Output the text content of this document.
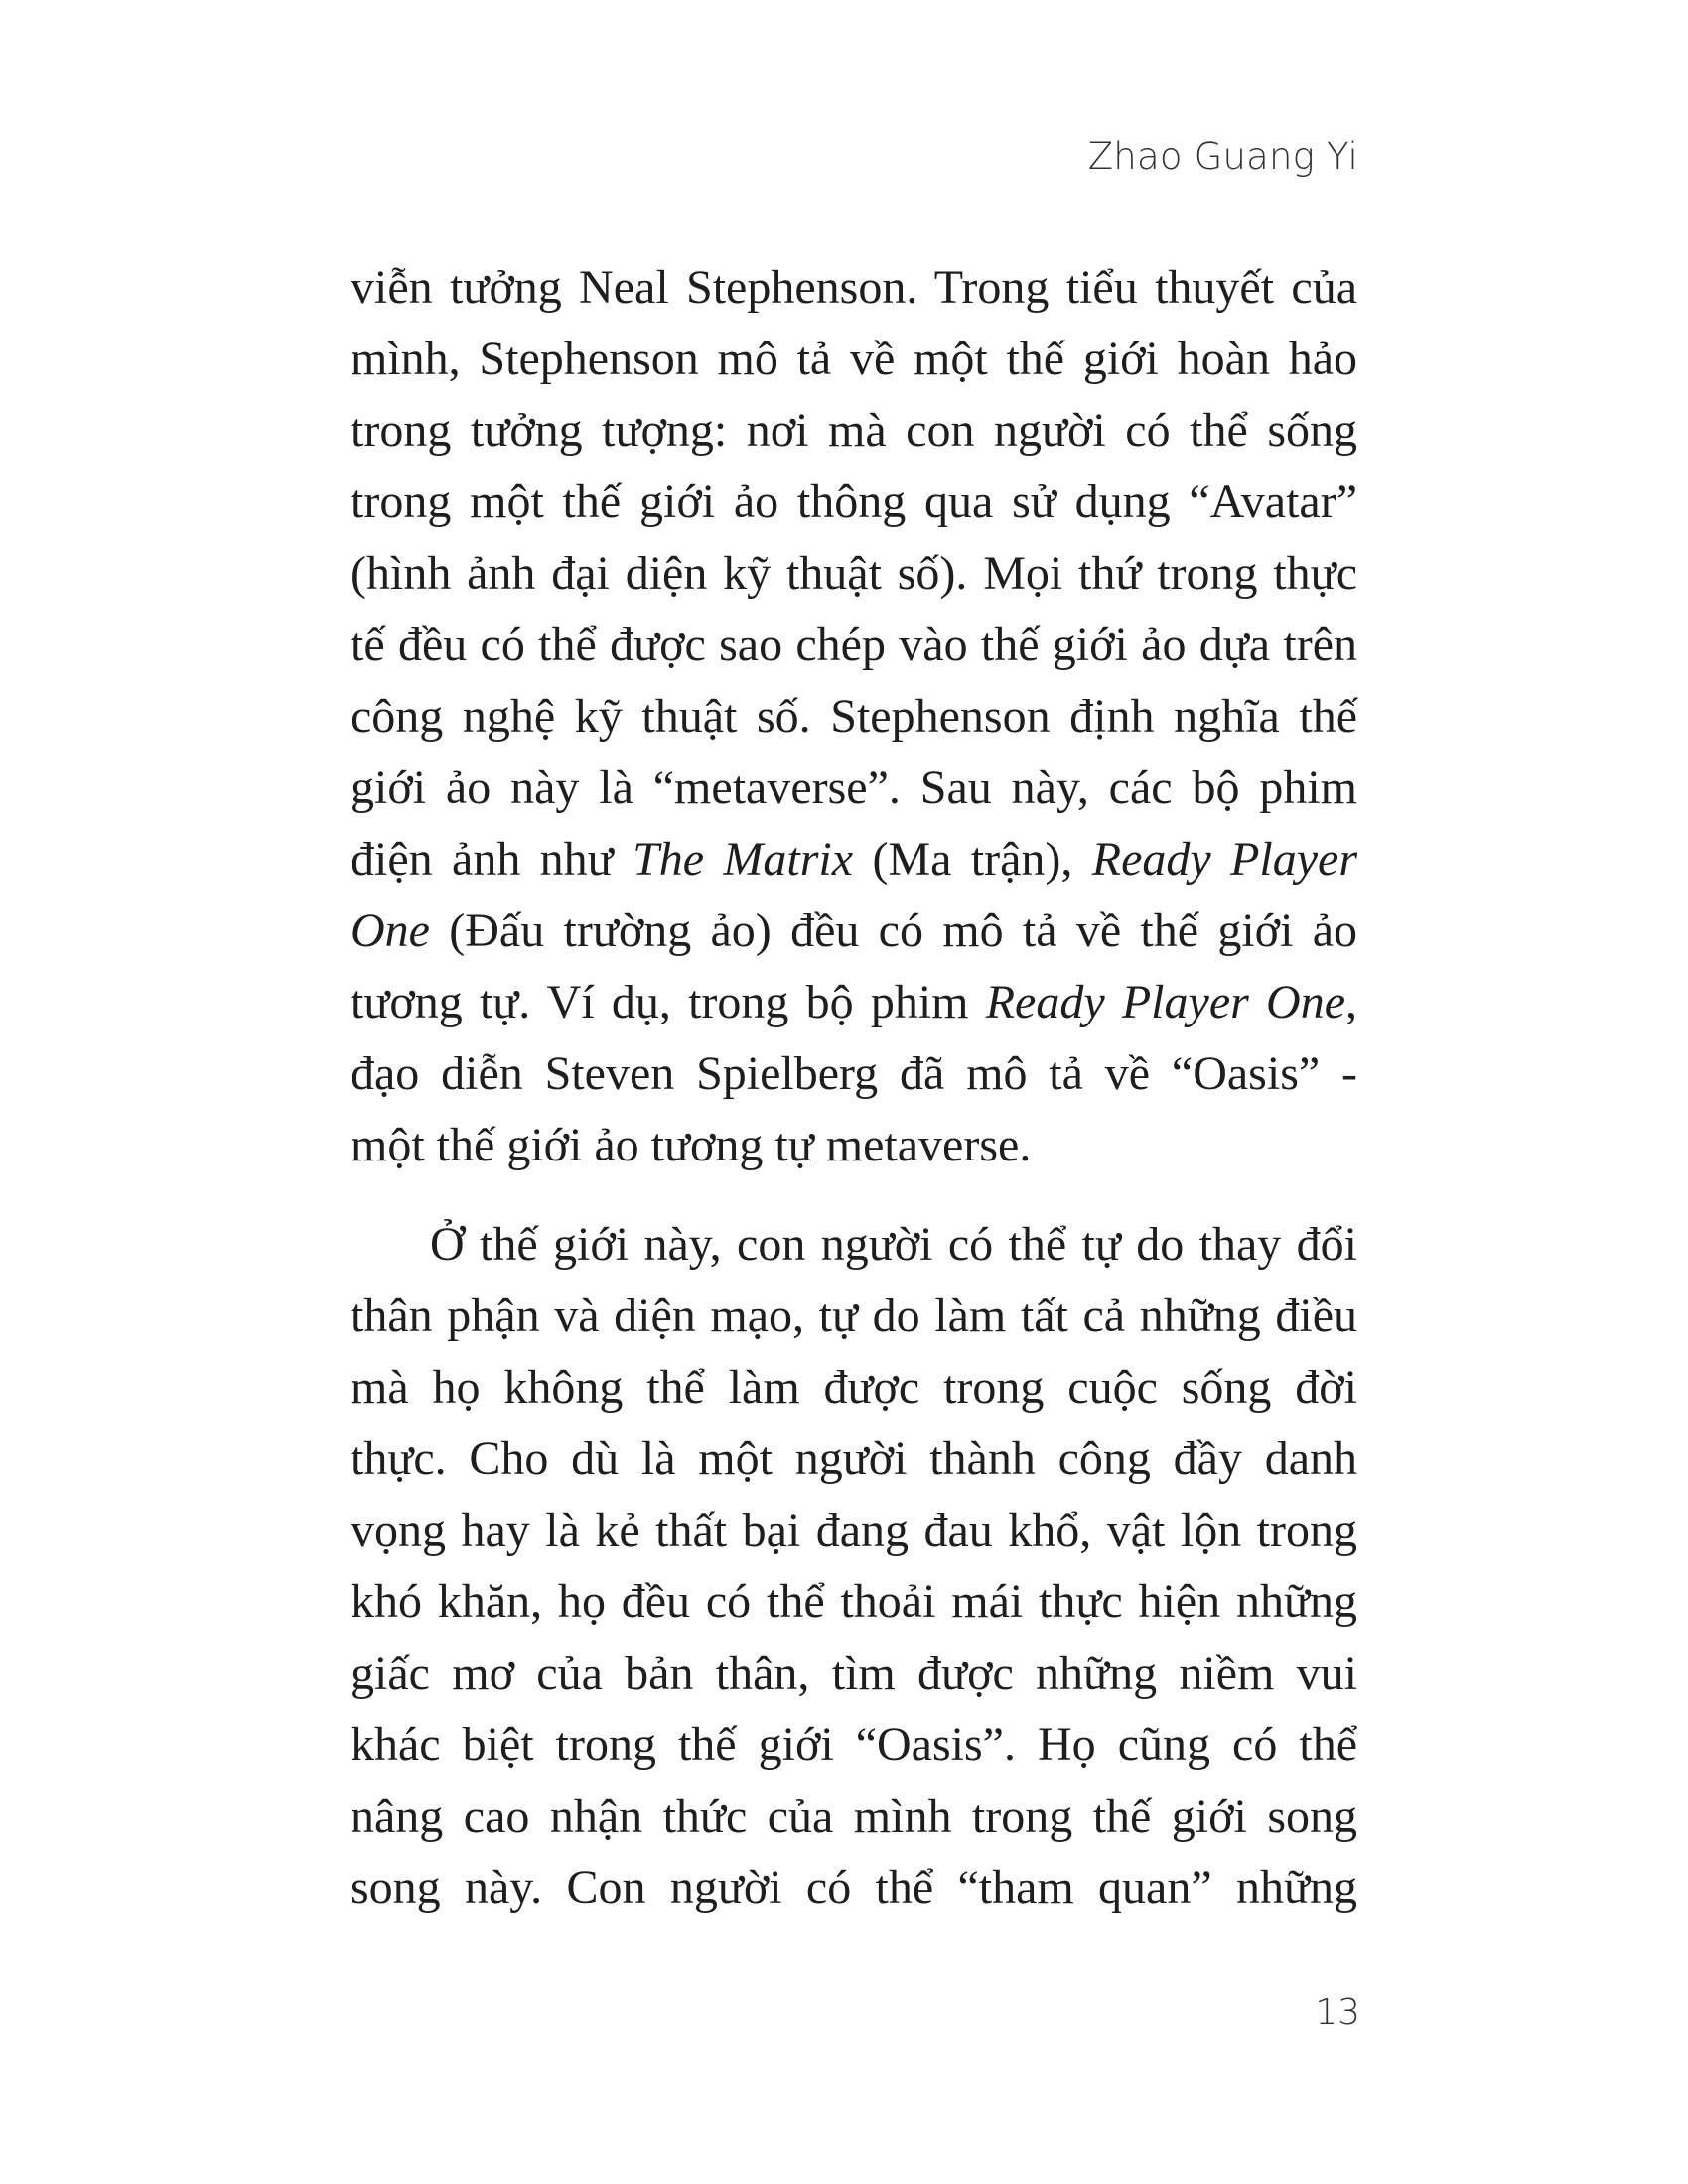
Zhao Guang Yi
viễn tưởng Neal Stephenson. Trong tiểu thuyết của
mình, Stephenson mô tả về một thế giới hoàn hảo
trong tưởng tượng: nơi mà con người có thể sống
trong một thế giới ảo thông qua sử dụng “Avatar”
(hình ảnh đại diện kỹ thuật số). Mọi thứ trong thực
tế đều có thể được sao chép vào thế giới ảo dựa trên
công nghệ kỹ thuật số. Stephenson định nghĩa thế
giới ảo này là “metaverse”. Sau này, các bộ phim
điện ảnh như The Matrix (Ma trận), Ready Player
One (Đấu trường ảo) đều có mô tả về thế giới ảo
tương tự. Ví dụ, trong bộ phim Ready Player One,
đạo diễn Steven Spielberg đã mô tả về “Oasis” -
một thế giới ảo tương tự metaverse.
Ở thế giới này, con người có thể tự do thay đổi
thân phận và diện mạo, tự do làm tất cả những điều
mà họ không thể làm được trong cuộc sống đời
thực. Cho dù là một người thành công đầy danh
vọng hay là kẻ thất bại đang đau khổ, vật lộn trong
khó khăn, họ đều có thể thoải mái thực hiện những
giấc mơ của bản thân, tìm được những niềm vui
khác biệt trong thế giới “Oasis”. Họ cũng có thể
nâng cao nhận thức của mình trong thế giới song
song này. Con người có thể “tham quan” những
13
